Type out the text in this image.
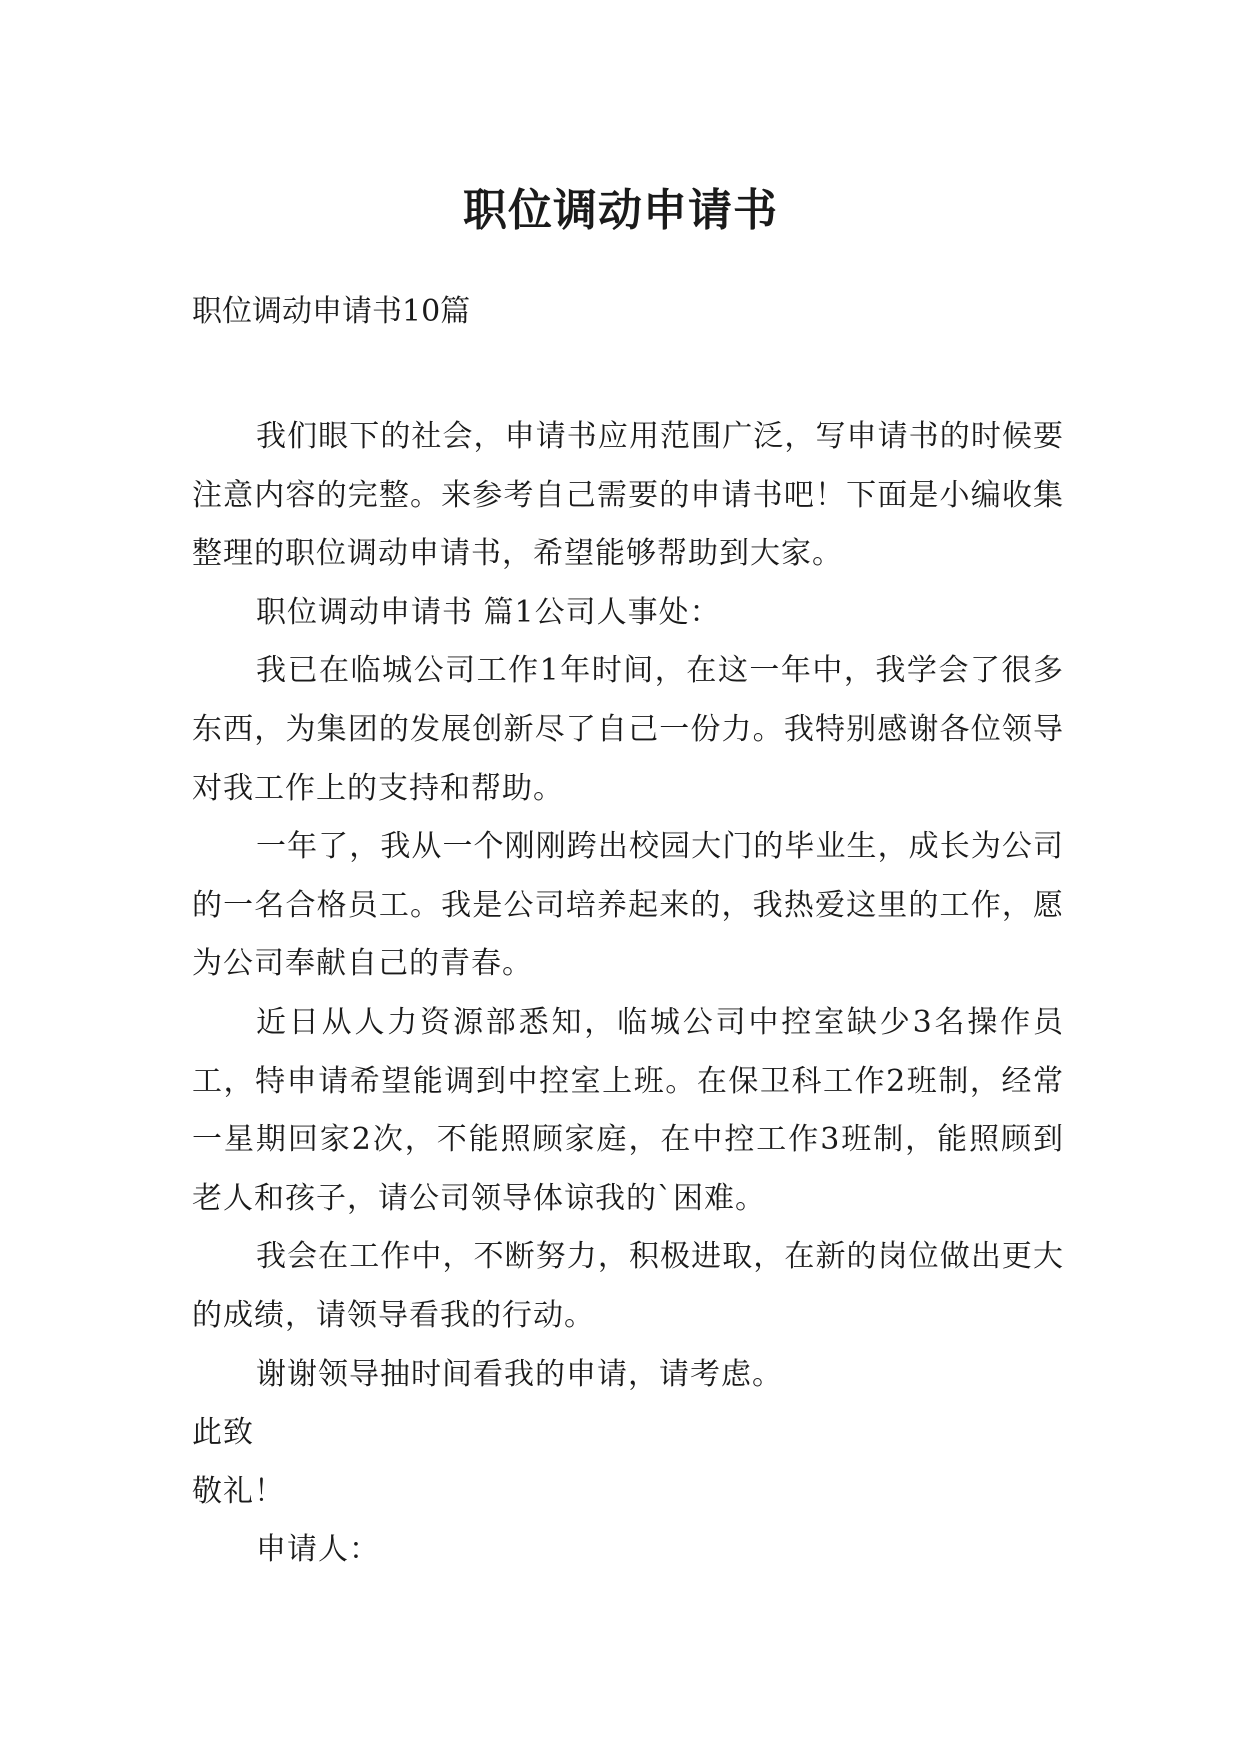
职位调动申请书
职位调动申请书10篇

我们眼下的社会，申请书应用范围广泛，写申请书的时候要注意内容的完整。来参考自己需要的申请书吧！下面是小编收集整理的职位调动申请书，希望能够帮助到大家。

职位调动申请书 篇1公司人事处：

我已在临城公司工作1年时间，在这一年中，我学会了很多东西，为集团的发展创新尽了自己一份力。我特别感谢各位领导对我工作上的支持和帮助。

一年了，我从一个刚刚跨出校园大门的毕业生，成长为公司的一名合格员工。我是公司培养起来的，我热爱这里的工作，愿为公司奉献自己的青春。

近日从人力资源部悉知，临城公司中控室缺少3名操作员工，特申请希望能调到中控室上班。在保卫科工作2班制，经常一星期回家2次，不能照顾家庭，在中控工作3班制，能照顾到老人和孩子，请公司领导体谅我的`困难。

我会在工作中，不断努力，积极进取，在新的岗位做出更大的成绩，请领导看我的行动。

谢谢领导抽时间看我的申请，请考虑。

此致

敬礼！

申请人：
